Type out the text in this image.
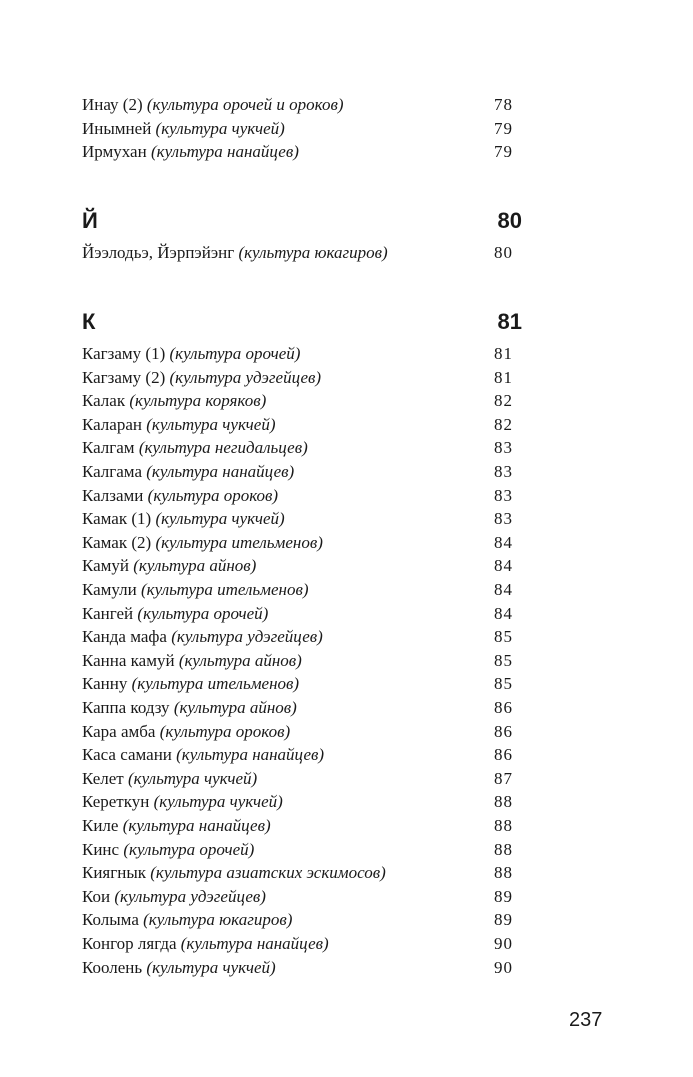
Инау (2) (культура орочей и ороков)	78
Инымней (культура чукчей)	79
Ирмухан (культура нанайцев)	79
Й	80
Йээлодьэ, Йэрпэйэнг (культура юкагиров)	80
К	81
Кагзаму (1) (культура орочей)	81
Кагзаму (2) (культура удэгейцев)	81
Калак (культура коряков)	82
Каларан (культура чукчей)	82
Калгам (культура негидальцев)	83
Калгама (культура нанайцев)	83
Калзами (культура ороков)	83
Камак (1) (культура чукчей)	83
Камак (2) (культура ительменов)	84
Камуй (культура айнов)	84
Камули (культура ительменов)	84
Кангей (культура орочей)	84
Канда мафа (культура удэгейцев)	85
Канна камуй (культура айнов)	85
Канну (культура ительменов)	85
Каппа кодзу (культура айнов)	86
Кара амба (культура ороков)	86
Каса самани (культура нанайцев)	86
Келет (культура чукчей)	87
Кереткун (культура чукчей)	88
Киле (культура нанайцев)	88
Кинс (культура орочей)	88
Киягнык (культура азиатских эскимосов)	88
Кои (культура удэгейцев)	89
Колыма (культура юкагиров)	89
Конгор лягда (культура нанайцев)	90
Коолень (культура чукчей)	90
237
